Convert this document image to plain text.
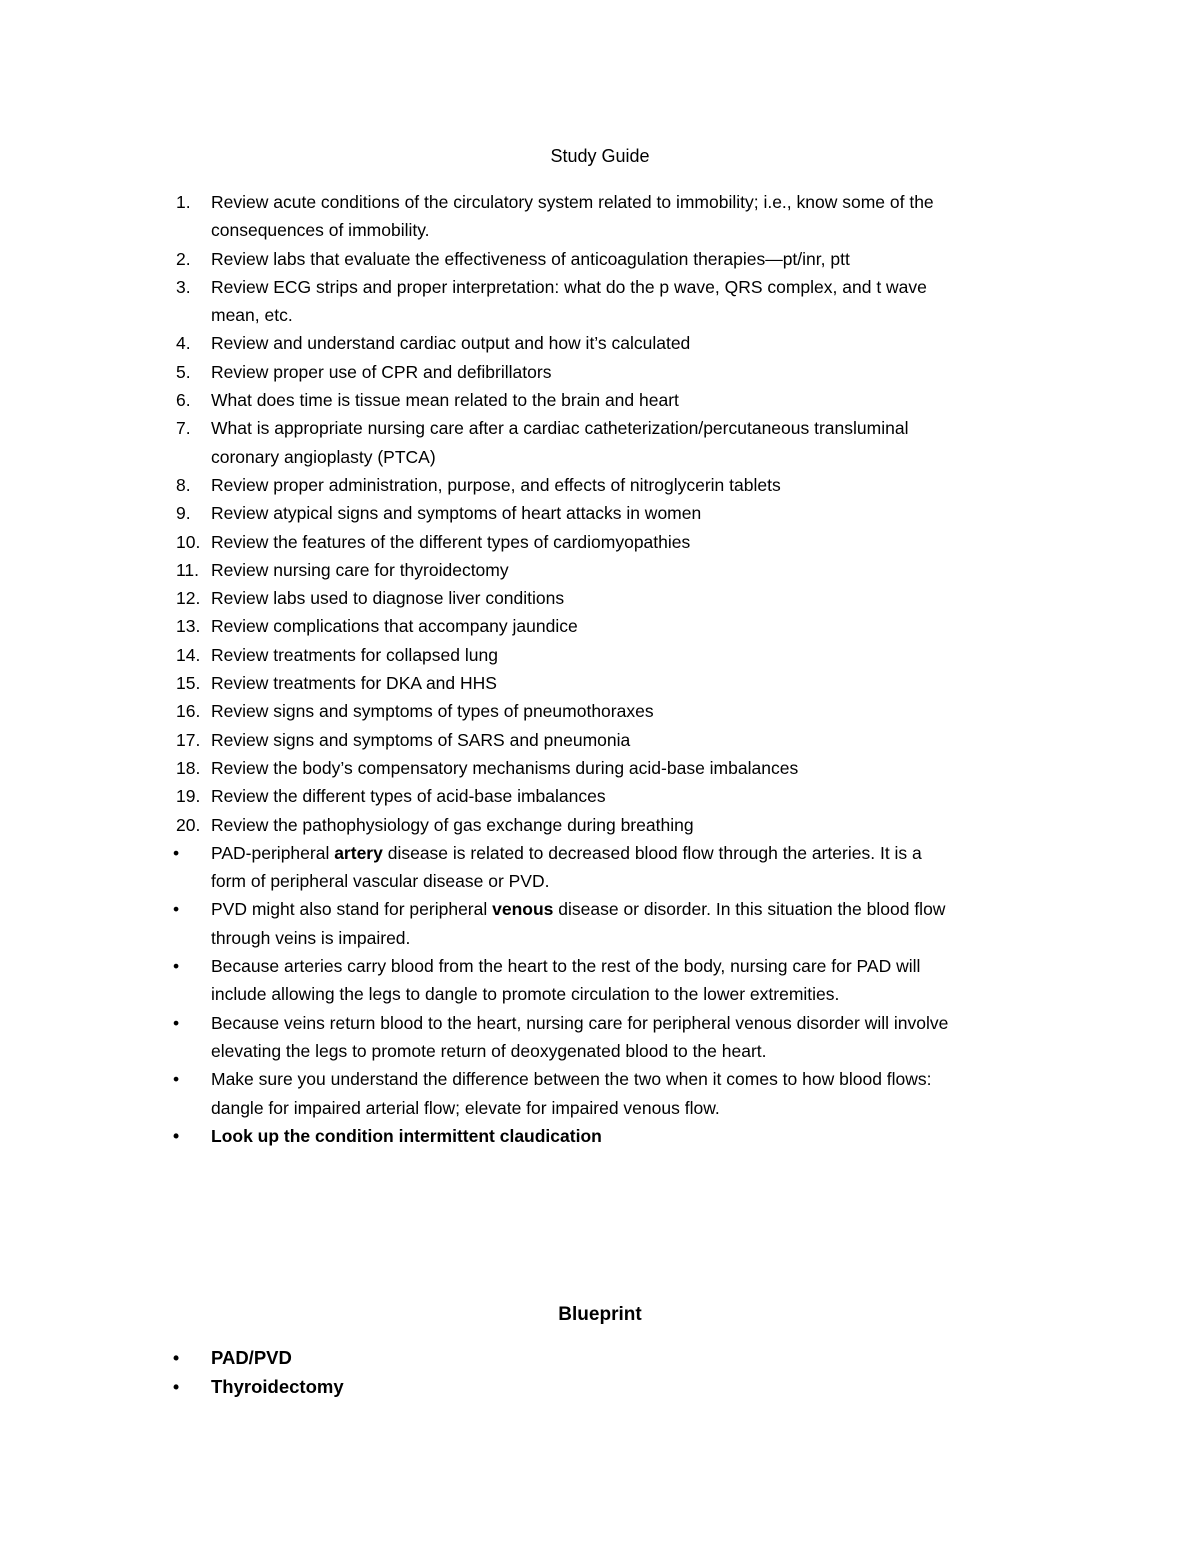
Study Guide
1.	Review acute conditions of the circulatory system related to immobility; i.e., know some of the
consequences of immobility.
2.	Review labs that evaluate the effectiveness of anticoagulation therapies—pt/inr, ptt
3.	Review ECG strips and proper interpretation: what do the p wave, QRS complex, and t wave
mean, etc.
4.	Review and understand cardiac output and how it’s calculated
5.	Review proper use of CPR and defibrillators
6.	What does time is tissue mean related to the brain and heart
7.	What is appropriate nursing care after a cardiac catheterization/percutaneous transluminal
coronary angioplasty (PTCA)
8.	Review proper administration, purpose, and effects of nitroglycerin tablets
9.	Review atypical signs and symptoms of heart attacks in women
10. Review the features of the different types of cardiomyopathies
11. Review nursing care for thyroidectomy
12. Review labs used to diagnose liver conditions
13. Review complications that accompany jaundice
14. Review treatments for collapsed lung
15. Review treatments for DKA and HHS
16. Review signs and symptoms of types of pneumothoraxes
17. Review signs and symptoms of SARS and pneumonia
18. Review the body’s compensatory mechanisms during acid-base imbalances
19. Review the different types of acid-base imbalances
20. Review the pathophysiology of gas exchange during breathing
•	PAD-peripheral artery disease is related to decreased blood flow through the arteries. It is a
form of peripheral vascular disease or PVD.
•	PVD might also stand for peripheral venous disease or disorder. In this situation the blood flow
through veins is impaired.
•	Because arteries carry blood from the heart to the rest of the body, nursing care for PAD will
include allowing the legs to dangle to promote circulation to the lower extremities.
•	Because veins return blood to the heart, nursing care for peripheral venous disorder will involve
elevating the legs to promote return of deoxygenated blood to the heart.
•	Make sure you understand the difference between the two when it comes to how blood flows:
dangle for impaired arterial flow; elevate for impaired venous flow.
•	Look up the condition intermittent claudication
Blueprint
•	PAD/PVD
•	Thyroidectomy
